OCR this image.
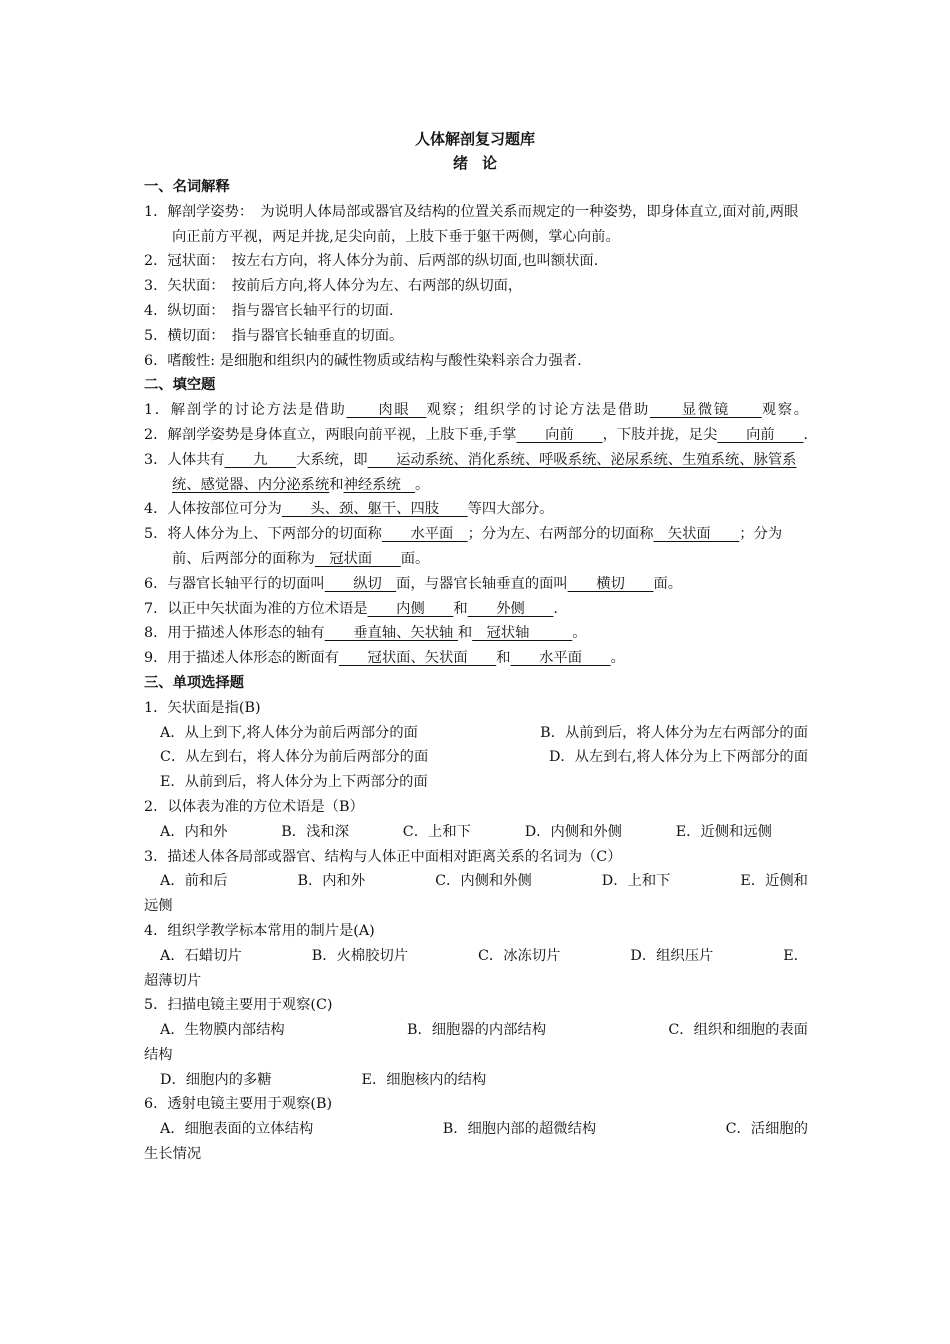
人体解剖复习题库
绪论

一、名词解释

1．解剖学姿势：　为说明人体局部或器官及结构的位置关系而规定的一种姿势，即身体直立,面对前,两眼向正前方平视，两足并拢,足尖向前，上肢下垂于躯干两侧，掌心向前。

2．冠状面：　按左右方向，将人体分为前、后两部的纵切面,也叫额状面.

3．矢状面：　按前后方向,将人体分为左、右两部的纵切面，

4．纵切面：　指与器官长轴平行的切面.

5．横切面：　指与器官长轴垂直的切面。

6．嗜酸性: 是细胞和组织内的碱性物质或结构与酸性染料亲合力强者.

二、填空题

1．解剖学的讨论方法是借助　　肉眼　观察；组织学的讨论方法是借助　　显微镜　　观察。

2．解剖学姿势是身体直立，两眼向前平视，上肢下垂,手掌　　向前　　，下肢并拢，足尖　　向前　　.

3．人体共有　　九　　大系统，即　　运动系统、消化系统、呼吸系统、泌尿系统、生殖系统、脉管系统、感觉器、内分泌系统和神经系统　。

4．人体按部位可分为　　头、颈、躯干、四肢　　等四大部分。

5．将人体分为上、下两部分的切面称　　水平面　；分为左、右两部分的切面称　矢状面　　；分为前、后两部分的面称为　冠状面　　面。

6．与器官长轴平行的切面叫　　纵切　面，与器官长轴垂直的面叫　　横切　　面。

7．以正中矢状面为准的方位术语是　　内侧　　和　　外侧　　.

8．用于描述人体形态的轴有　　垂直轴、矢状轴 和　冠状轴　　　。

9．用于描述人体形态的断面有　　冠状面、矢状面　　和　　水平面　　。

三、单项选择题

1．矢状面是指(B)

A．从上到下,将人体分为前后两部分的面	B．从前到后，将人体分为左右两部分的面
C．从左到右，将人体分为前后两部分的面	D．从左到右,将人体分为上下两部分的面

E．从前到后，将人体分为上下两部分的面

2．以体表为准的方位术语是（B）

A．内和外	B．浅和深	C．上和下	D．内侧和外侧	E．近侧和远侧

3．描述人体各局部或器官、结构与人体正中面相对距离关系的名词为（C）

A．前和后	B．内和外	C．内侧和外侧	D．上和下	E．近侧和

远侧

4．组织学教学标本常用的制片是(A)

A．石蜡切片	B．火棉胶切片	C．冰冻切片	D．组织压片	E．

超薄切片

5．扫描电镜主要用于观察(C)

A．生物膜内部结构	B．细胞器的内部结构	C．组织和细胞的表面

结构

D．细胞内的多糖	E．细胞核内的结构

6．透射电镜主要用于观察(B)

A．细胞表面的立体结构	B．细胞内部的超微结构	C．活细胞的

生长情况
